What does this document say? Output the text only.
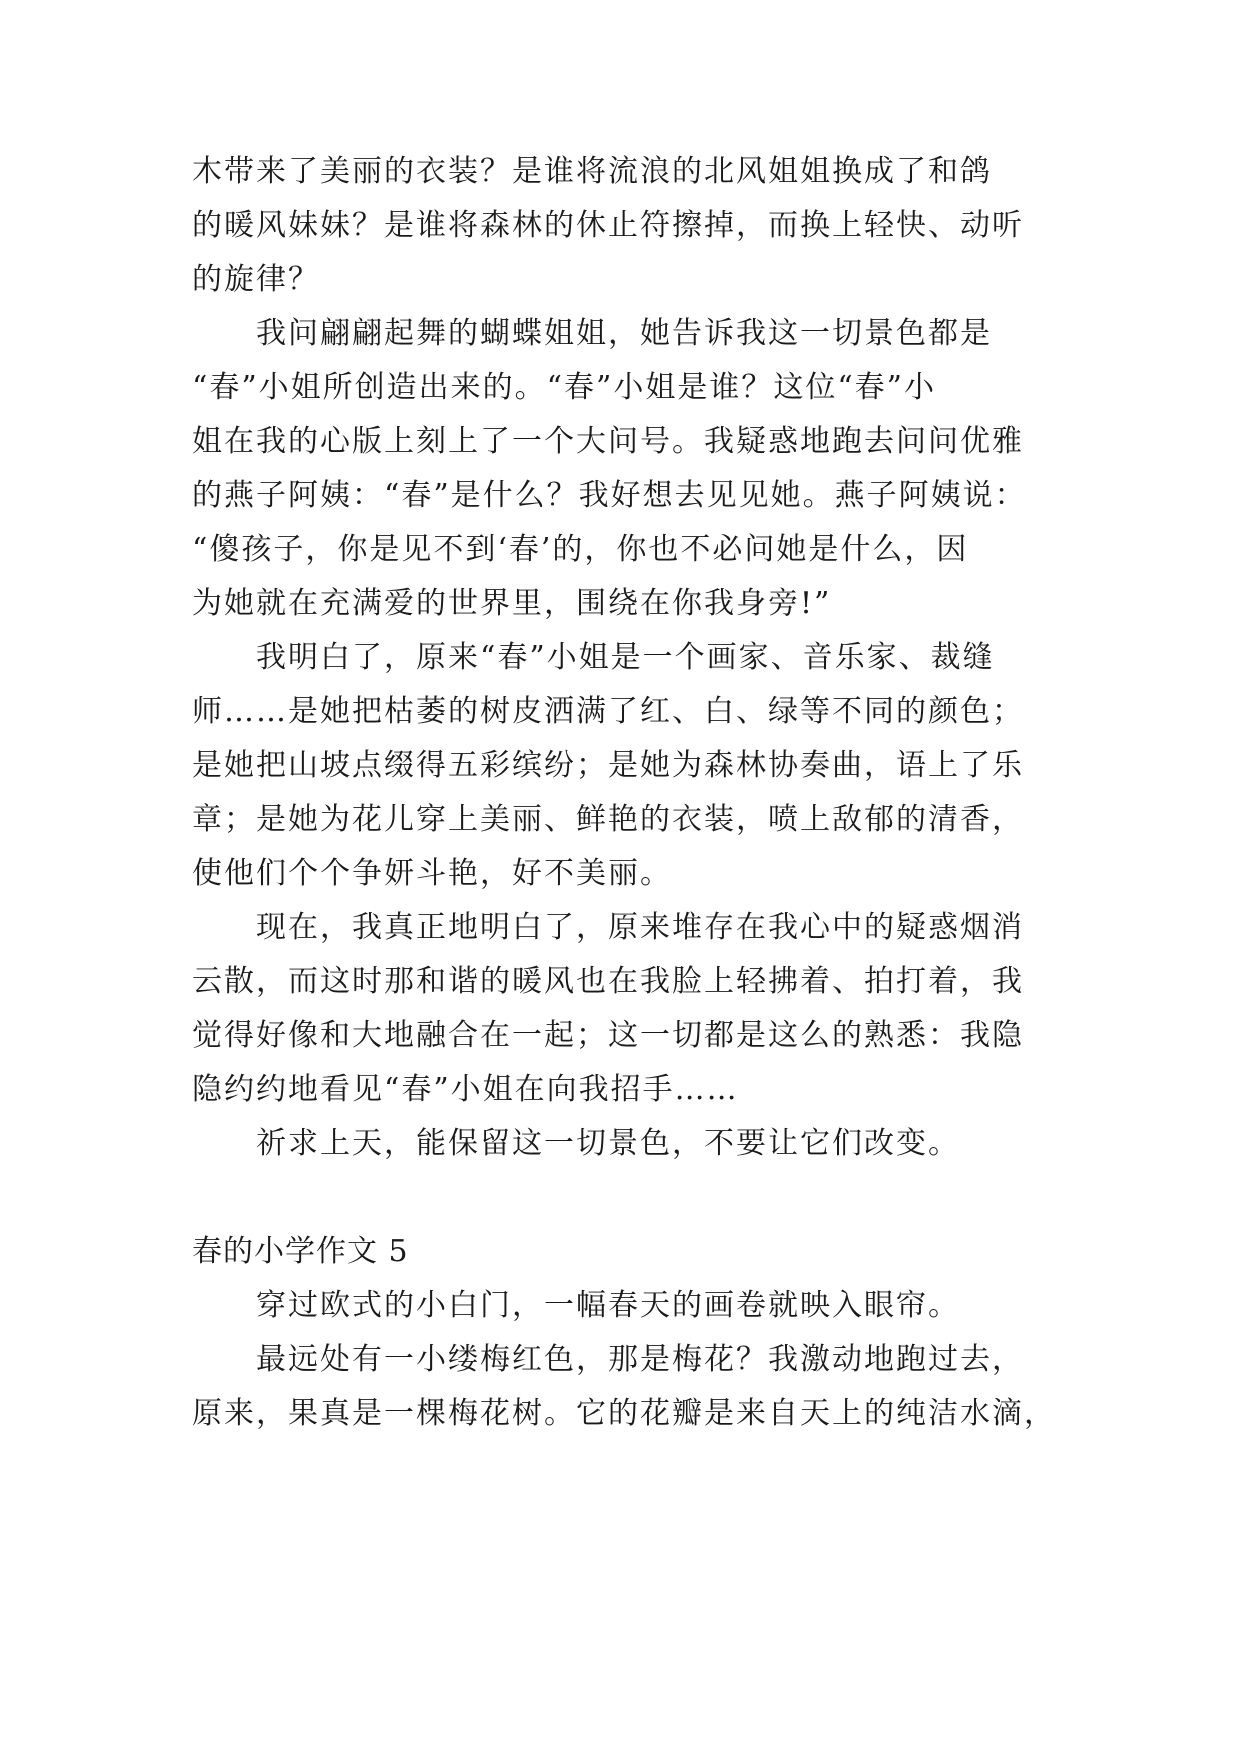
木带来了美丽的衣装？是谁将流浪的北风姐姐换成了和鸽
的暖风妹妹？是谁将森林的休止符擦掉，而换上轻快、动听
的旋律？
我问翩翩起舞的蝴蝶姐姐，她告诉我这一切景色都是
“春”小姐所创造出来的。“春”小姐是谁？这位“春”小
姐在我的心版上刻上了一个大问号。我疑惑地跑去问问优雅
的燕子阿姨：“春”是什么？我好想去见见她。燕子阿姨说：
“傻孩子，你是见不到‘春’的，你也不必问她是什么，因
为她就在充满爱的世界里，围绕在你我身旁!”
我明白了，原来“春”小姐是一个画家、音乐家、裁缝
师……是她把枯萎的树皮洒满了红、白、绿等不同的颜色；
是她把山坡点缀得五彩缤纷；是她为森林协奏曲，语上了乐
章；是她为花儿穿上美丽、鲜艳的衣装，喷上敌郁的清香，
使他们个个争妍斗艳，好不美丽。
现在，我真正地明白了，原来堆存在我心中的疑惑烟消
云散，而这时那和谐的暖风也在我脸上轻拂着、拍打着，我
觉得好像和大地融合在一起；这一切都是这么的熟悉：我隐
隐约约地看见“春”小姐在向我招手……
祈求上天，能保留这一切景色，不要让它们改变。
春的小学作文 5
穿过欧式的小白门，一幅春天的画卷就映入眼帘。
最远处有一小缕梅红色，那是梅花？我激动地跑过去，
原来，果真是一棵梅花树。它的花瓣是来自天上的纯洁水滴，
